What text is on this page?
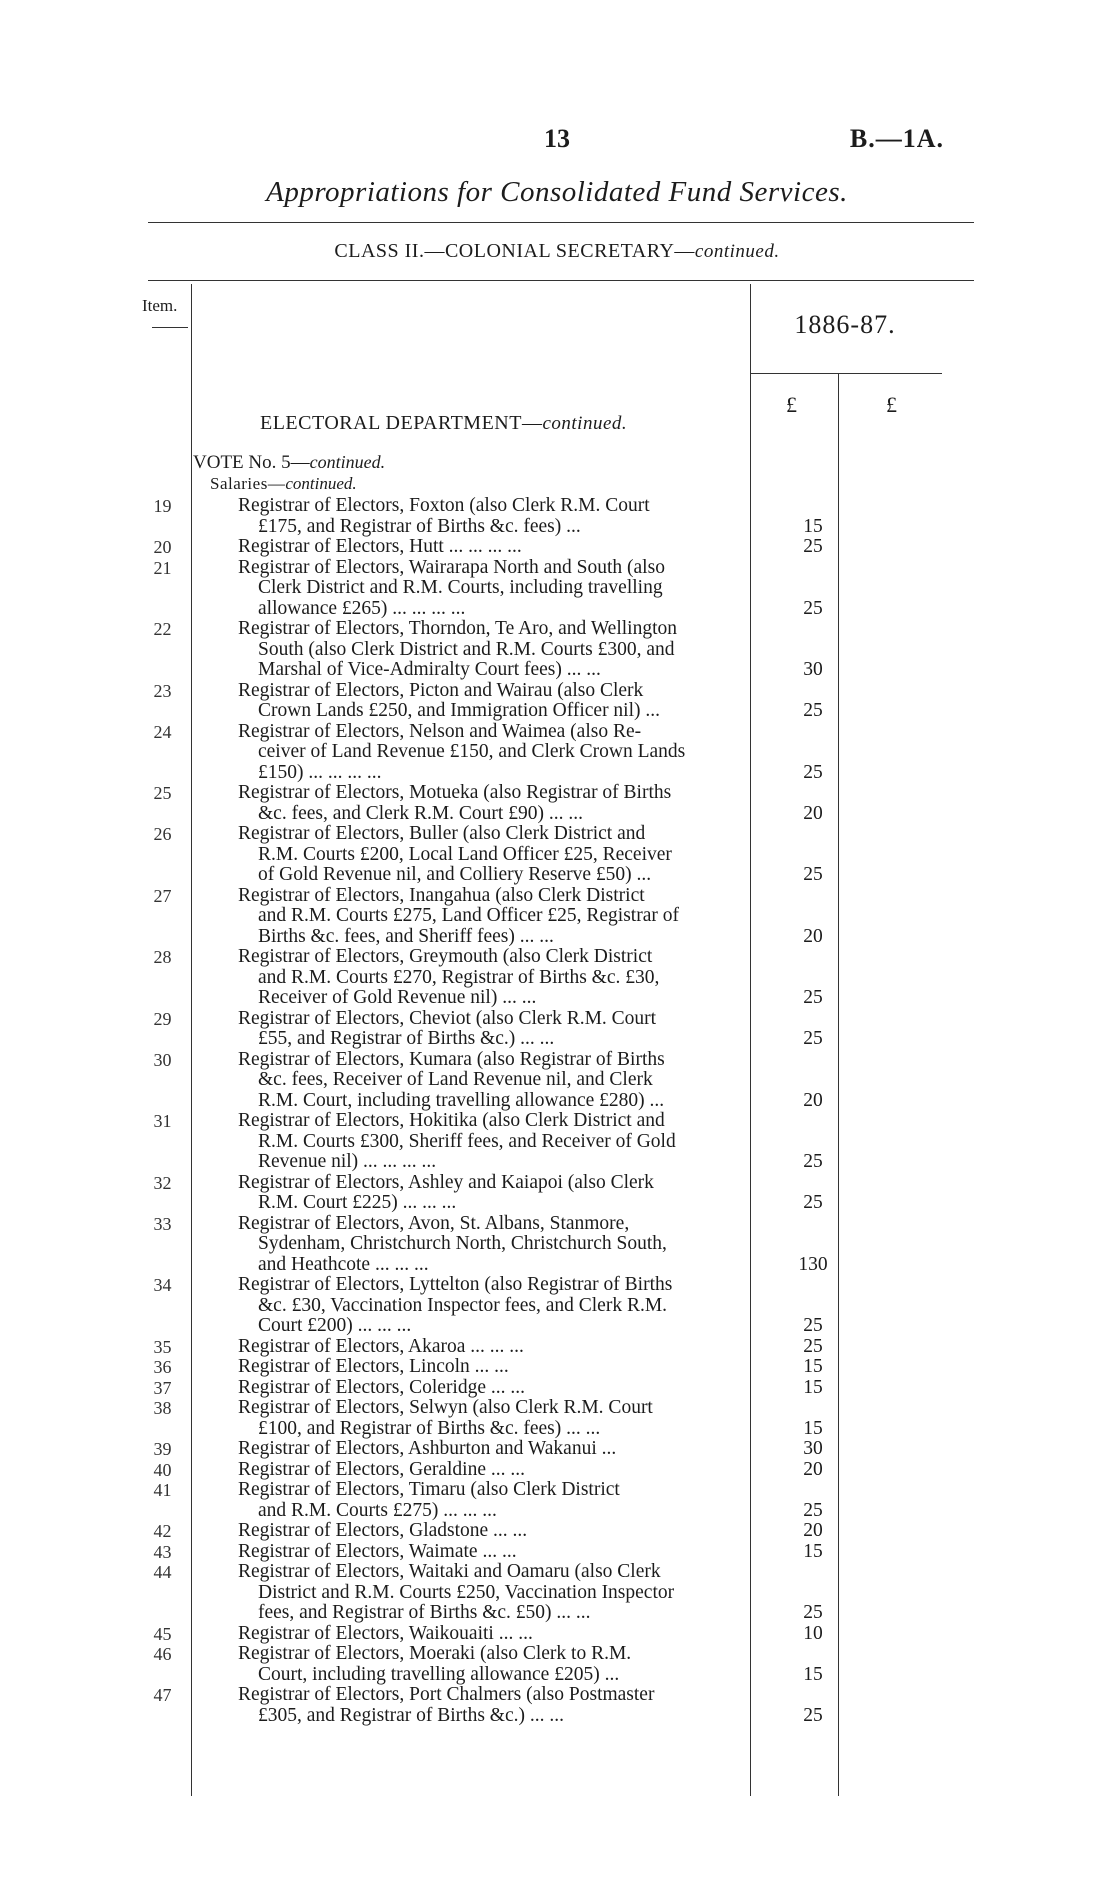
13	B.—1A.
Appropriations for Consolidated Fund Services.
CLASS II.—COLONIAL SECRETARY—continued.
Item.
1886-87.
£	£
ELECTORAL DEPARTMENT—continued.
VOTE No. 5—continued.
Salaries—continued.
19	Registrar of Electors, Foxton (also Clerk R.M. Court
£175, and Registrar of Births &c. fees) ...	15
20	Registrar of Electors, Hutt ... ... ... ...	25
21	Registrar of Electors, Wairarapa North and South (also
Clerk District and R.M. Courts, including travelling
allowance £265) ... ... ... ...	25
22	Registrar of Electors, Thorndon, Te Aro, and Wellington
South (also Clerk District and R.M. Courts £300, and
Marshal of Vice-Admiralty Court fees) ... ...	30
23	Registrar of Electors, Picton and Wairau (also Clerk
Crown Lands £250, and Immigration Officer nil) ...	25
24	Registrar of Electors, Nelson and Waimea (also Re-
ceiver of Land Revenue £150, and Clerk Crown Lands
£150) ... ... ... ...	25
25	Registrar of Electors, Motueka (also Registrar of Births
&c. fees, and Clerk R.M. Court £90) ... ...	20
26	Registrar of Electors, Buller (also Clerk District and
R.M. Courts £200, Local Land Officer £25, Receiver
of Gold Revenue nil, and Colliery Reserve £50) ...	25
27	Registrar of Electors, Inangahua (also Clerk District
and R.M. Courts £275, Land Officer £25, Registrar of
Births &c. fees, and Sheriff fees) ... ...	20
28	Registrar of Electors, Greymouth (also Clerk District
and R.M. Courts £270, Registrar of Births &c. £30,
Receiver of Gold Revenue nil) ... ...	25
29	Registrar of Electors, Cheviot (also Clerk R.M. Court
£55, and Registrar of Births &c.) ... ...	25
30	Registrar of Electors, Kumara (also Registrar of Births
&c. fees, Receiver of Land Revenue nil, and Clerk
R.M. Court, including travelling allowance £280) ...	20
31	Registrar of Electors, Hokitika (also Clerk District and
R.M. Courts £300, Sheriff fees, and Receiver of Gold
Revenue nil) ... ... ... ...	25
32	Registrar of Electors, Ashley and Kaiapoi (also Clerk
R.M. Court £225) ... ... ...	25
33	Registrar of Electors, Avon, St. Albans, Stanmore,
Sydenham, Christchurch North, Christchurch South,
and Heathcote ... ... ...	130
34	Registrar of Electors, Lyttelton (also Registrar of Births
&c. £30, Vaccination Inspector fees, and Clerk R.M.
Court £200) ... ... ...	25
35	Registrar of Electors, Akaroa ... ... ...	25
36	Registrar of Electors, Lincoln ... ...	15
37	Registrar of Electors, Coleridge ... ...	15
38	Registrar of Electors, Selwyn (also Clerk R.M. Court
£100, and Registrar of Births &c. fees) ... ...	15
39	Registrar of Electors, Ashburton and Wakanui ...	30
40	Registrar of Electors, Geraldine ... ...	20
41	Registrar of Electors, Timaru (also Clerk District
and R.M. Courts £275) ... ... ...	25
42	Registrar of Electors, Gladstone ... ...	20
43	Registrar of Electors, Waimate ... ...	15
44	Registrar of Electors, Waitaki and Oamaru (also Clerk
District and R.M. Courts £250, Vaccination Inspector
fees, and Registrar of Births &c. £50) ... ...	25
45	Registrar of Electors, Waikouaiti ... ...	10
46	Registrar of Electors, Moeraki (also Clerk to R.M.
Court, including travelling allowance £205) ...	15
47	Registrar of Electors, Port Chalmers (also Postmaster
£305, and Registrar of Births &c.) ... ...	25
